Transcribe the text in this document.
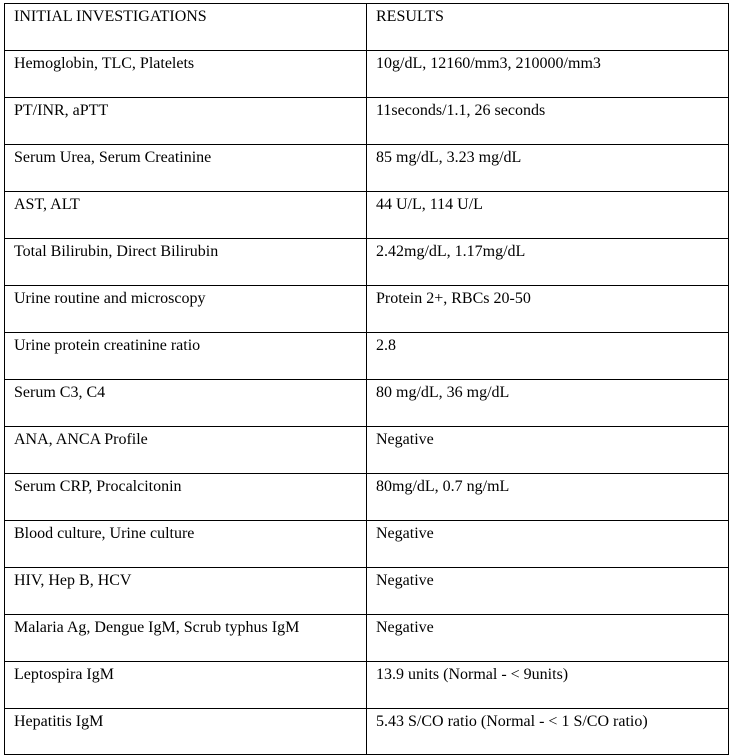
INITIAL INVESTIGATIONS	RESULTS
Hemoglobin, TLC, Platelets	10g/dL, 12160/mm3, 210000/mm3
PT/INR, aPTT	11seconds/1.1, 26 seconds
Serum Urea, Serum Creatinine	85 mg/dL, 3.23 mg/dL
AST, ALT	44 U/L, 114 U/L
Total Bilirubin, Direct Bilirubin	2.42mg/dL, 1.17mg/dL
Urine routine and microscopy	Protein 2+, RBCs 20-50
Urine protein creatinine ratio	2.8
Serum C3, C4	80 mg/dL, 36 mg/dL
ANA, ANCA Profile	Negative
Serum CRP, Procalcitonin	80mg/dL, 0.7 ng/mL
Blood culture, Urine culture	Negative
HIV, Hep B, HCV	Negative
Malaria Ag, Dengue IgM, Scrub typhus IgM	Negative
Leptospira IgM	13.9 units (Normal - < 9units)
Hepatitis IgM	5.43 S/CO ratio (Normal - < 1 S/CO ratio)
